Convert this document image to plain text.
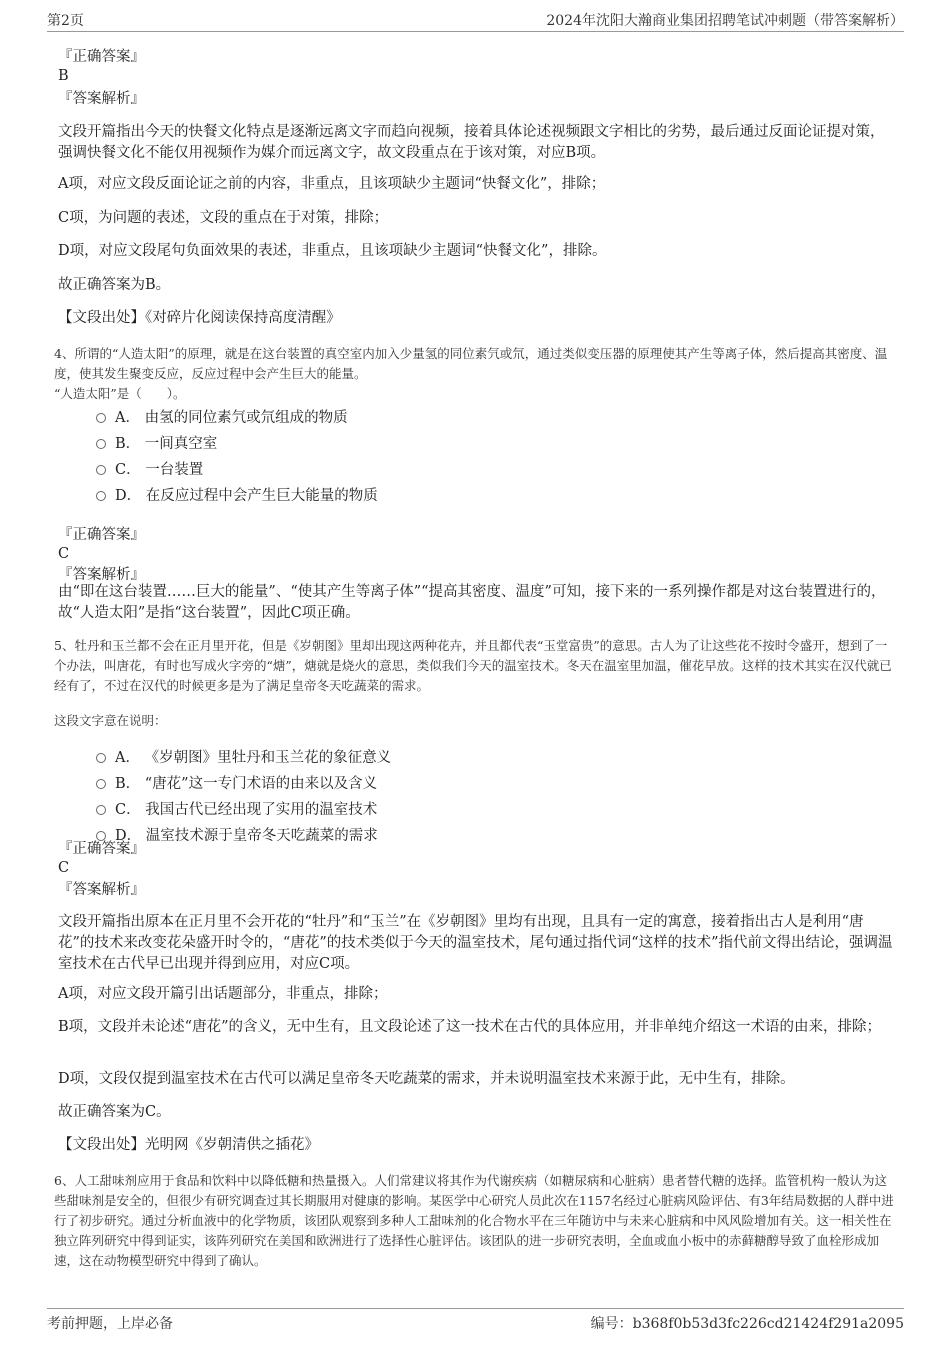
第2页	2024年沈阳大瀚商业集团招聘笔试冲刺题（带答案解析）
『正确答案』
B
『答案解析』
文段开篇指出今天的快餐文化特点是逐渐远离文字而趋向视频，接着具体论述视频跟文字相比的劣势，最后通过反面论证提对策，强调快餐文化不能仅用视频作为媒介而远离文字，故文段重点在于该对策，对应B项。
A项，对应文段反面论证之前的内容，非重点，且该项缺少主题词“快餐文化”，排除；
C项，为问题的表述，文段的重点在于对策，排除；
D项，对应文段尾句负面效果的表述，非重点，且该项缺少主题词“快餐文化”，排除。
故正确答案为B。
【文段出处】《对碎片化阅读保持高度清醒》
4、所谓的“人造太阳”的原理，就是在这台装置的真空室内加入少量氢的同位素氕或氘，通过类似变压器的原理使其产生等离子体，然后提高其密度、温度，使其发生聚变反应，反应过程中会产生巨大的能量。
“人造太阳”是（　　）。
A． 由氢的同位素氕或氘组成的物质
B． 一间真空室
C． 一台装置
D． 在反应过程中会产生巨大能量的物质
『正确答案』
C
『答案解析』
由“即在这台装置……巨大的能量”、“使其产生等离子体”“提高其密度、温度”可知，接下来的一系列操作都是对这台装置进行的，故“人造太阳”是指“这台装置”，因此C项正确。
5、牡丹和玉兰都不会在正月里开花，但是《岁朝图》里却出现这两种花卉，并且都代表“玉堂富贵”的意思。古人为了让这些花不按时令盛开，想到了一个办法，叫唐花，有时也写成火字旁的“煻”，煻就是烧火的意思，类似我们今天的温室技术。冬天在温室里加温，催花早放。这样的技术其实在汉代就已经有了，不过在汉代的时候更多是为了满足皇帝冬天吃蔬菜的需求。
这段文字意在说明：
A． 《岁朝图》里牡丹和玉兰花的象征意义
B． “唐花”这一专门术语的由来以及含义
C． 我国古代已经出现了实用的温室技术
D． 温室技术源于皇帝冬天吃蔬菜的需求
『正确答案』
C
『答案解析』
文段开篇指出原本在正月里不会开花的“牡丹”和“玉兰”在《岁朝图》里均有出现，且具有一定的寓意，接着指出古人是利用“唐花”的技术来改变花朵盛开时令的，“唐花”的技术类似于今天的温室技术，尾句通过指代词“这样的技术”指代前文得出结论，强调温室技术在古代早已出现并得到应用，对应C项。
A项，对应文段开篇引出话题部分，非重点，排除；
B项，文段并未论述“唐花”的含义，无中生有，且文段论述了这一技术在古代的具体应用，并非单纯介绍这一术语的由来，排除；
D项，文段仅提到温室技术在古代可以满足皇帝冬天吃蔬菜的需求，并未说明温室技术来源于此，无中生有，排除。
故正确答案为C。
【文段出处】光明网《岁朝清供之插花》
6、人工甜味剂应用于食品和饮料中以降低糖和热量摄入。人们常建议将其作为代谢疾病（如糖尿病和心脏病）患者替代糖的选择。监管机构一般认为这些甜味剂是安全的，但很少有研究调查过其长期服用对健康的影响。某医学中心研究人员此次在1157名经过心脏病风险评估、有3年结局数据的人群中进行了初步研究。通过分析血液中的化学物质，该团队观察到多种人工甜味剂的化合物水平在三年随访中与未来心脏病和中风风险增加有关。这一相关性在独立阵列研究中得到证实，该阵列研究在美国和欧洲进行了选择性心脏评估。该团队的进一步研究表明，全血或血小板中的赤藓糖醇导致了血栓形成加速，这在动物模型研究中得到了确认。
考前押题，上岸必备	编号：b368f0b53d3fc226cd21424f291a2095
